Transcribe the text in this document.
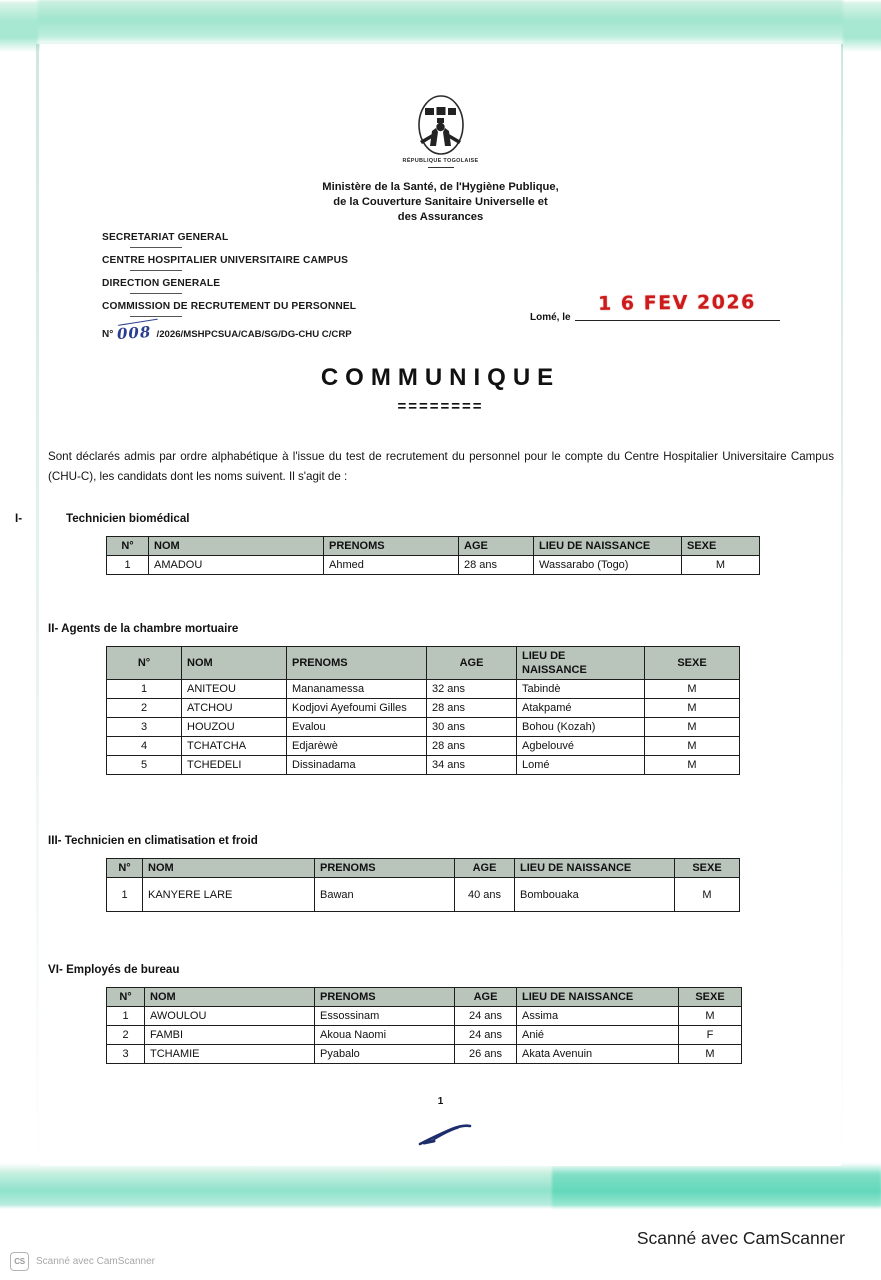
RÉPUBLIQUE TOGOLAISE
Ministère de la Santé, de l'Hygiène Publique,
de la Couverture Sanitaire Universelle et
des Assurances
SECRETARIAT GENERAL
CENTRE HOSPITALIER UNIVERSITAIRE CAMPUS
DIRECTION GENERALE
COMMISSION DE RECRUTEMENT DU PERSONNEL
N° 008 /2026/MSHPCSUA/CAB/SG/DG-CHU C/CRP
1 6 FEV 2026
Lomé, le
COMMUNIQUE
========
Sont déclarés admis par ordre alphabétique à l'issue du test de recrutement du personnel pour le compte du Centre Hospitalier Universitaire Campus (CHU-C), les candidats dont les noms suivent. Il s'agit de :
I-	Technicien biomédical
N°	NOM	PRENOMS	AGE	LIEU DE NAISSANCE	SEXE
1	AMADOU	Ahmed	28 ans	Wassarabo (Togo)	M
II- Agents de la chambre mortuaire
N°	NOM	PRENOMS	AGE	LIEU DE
NAISSANCE	SEXE
1	ANITEOU	Mananamessa	32 ans	Tabindè	M
2	ATCHOU	Kodjovi Ayefoumi Gilles	28 ans	Atakpamé	M
3	HOUZOU	Evalou	30 ans	Bohou (Kozah)	M
4	TCHATCHA	Edjarèwè	28 ans	Agbelouvé	M
5	TCHEDELI	Dissinadama	34 ans	Lomé	M
III- Technicien en climatisation et froid
N°	NOM	PRENOMS	AGE	LIEU DE NAISSANCE	SEXE
1	KANYERE LARE	Bawan	40 ans	Bombouaka	M
VI- Employés de bureau
N°	NOM	PRENOMS	AGE	LIEU DE NAISSANCE	SEXE
1	AWOULOU	Essossinam	24 ans	Assima	M
2	FAMBI	Akoua Naomi	24 ans	Anié	F
3	TCHAMIE	Pyabalo	26 ans	Akata Avenuin	M
1
Scanné avec CamScanner
CS	Scanné avec CamScanner
